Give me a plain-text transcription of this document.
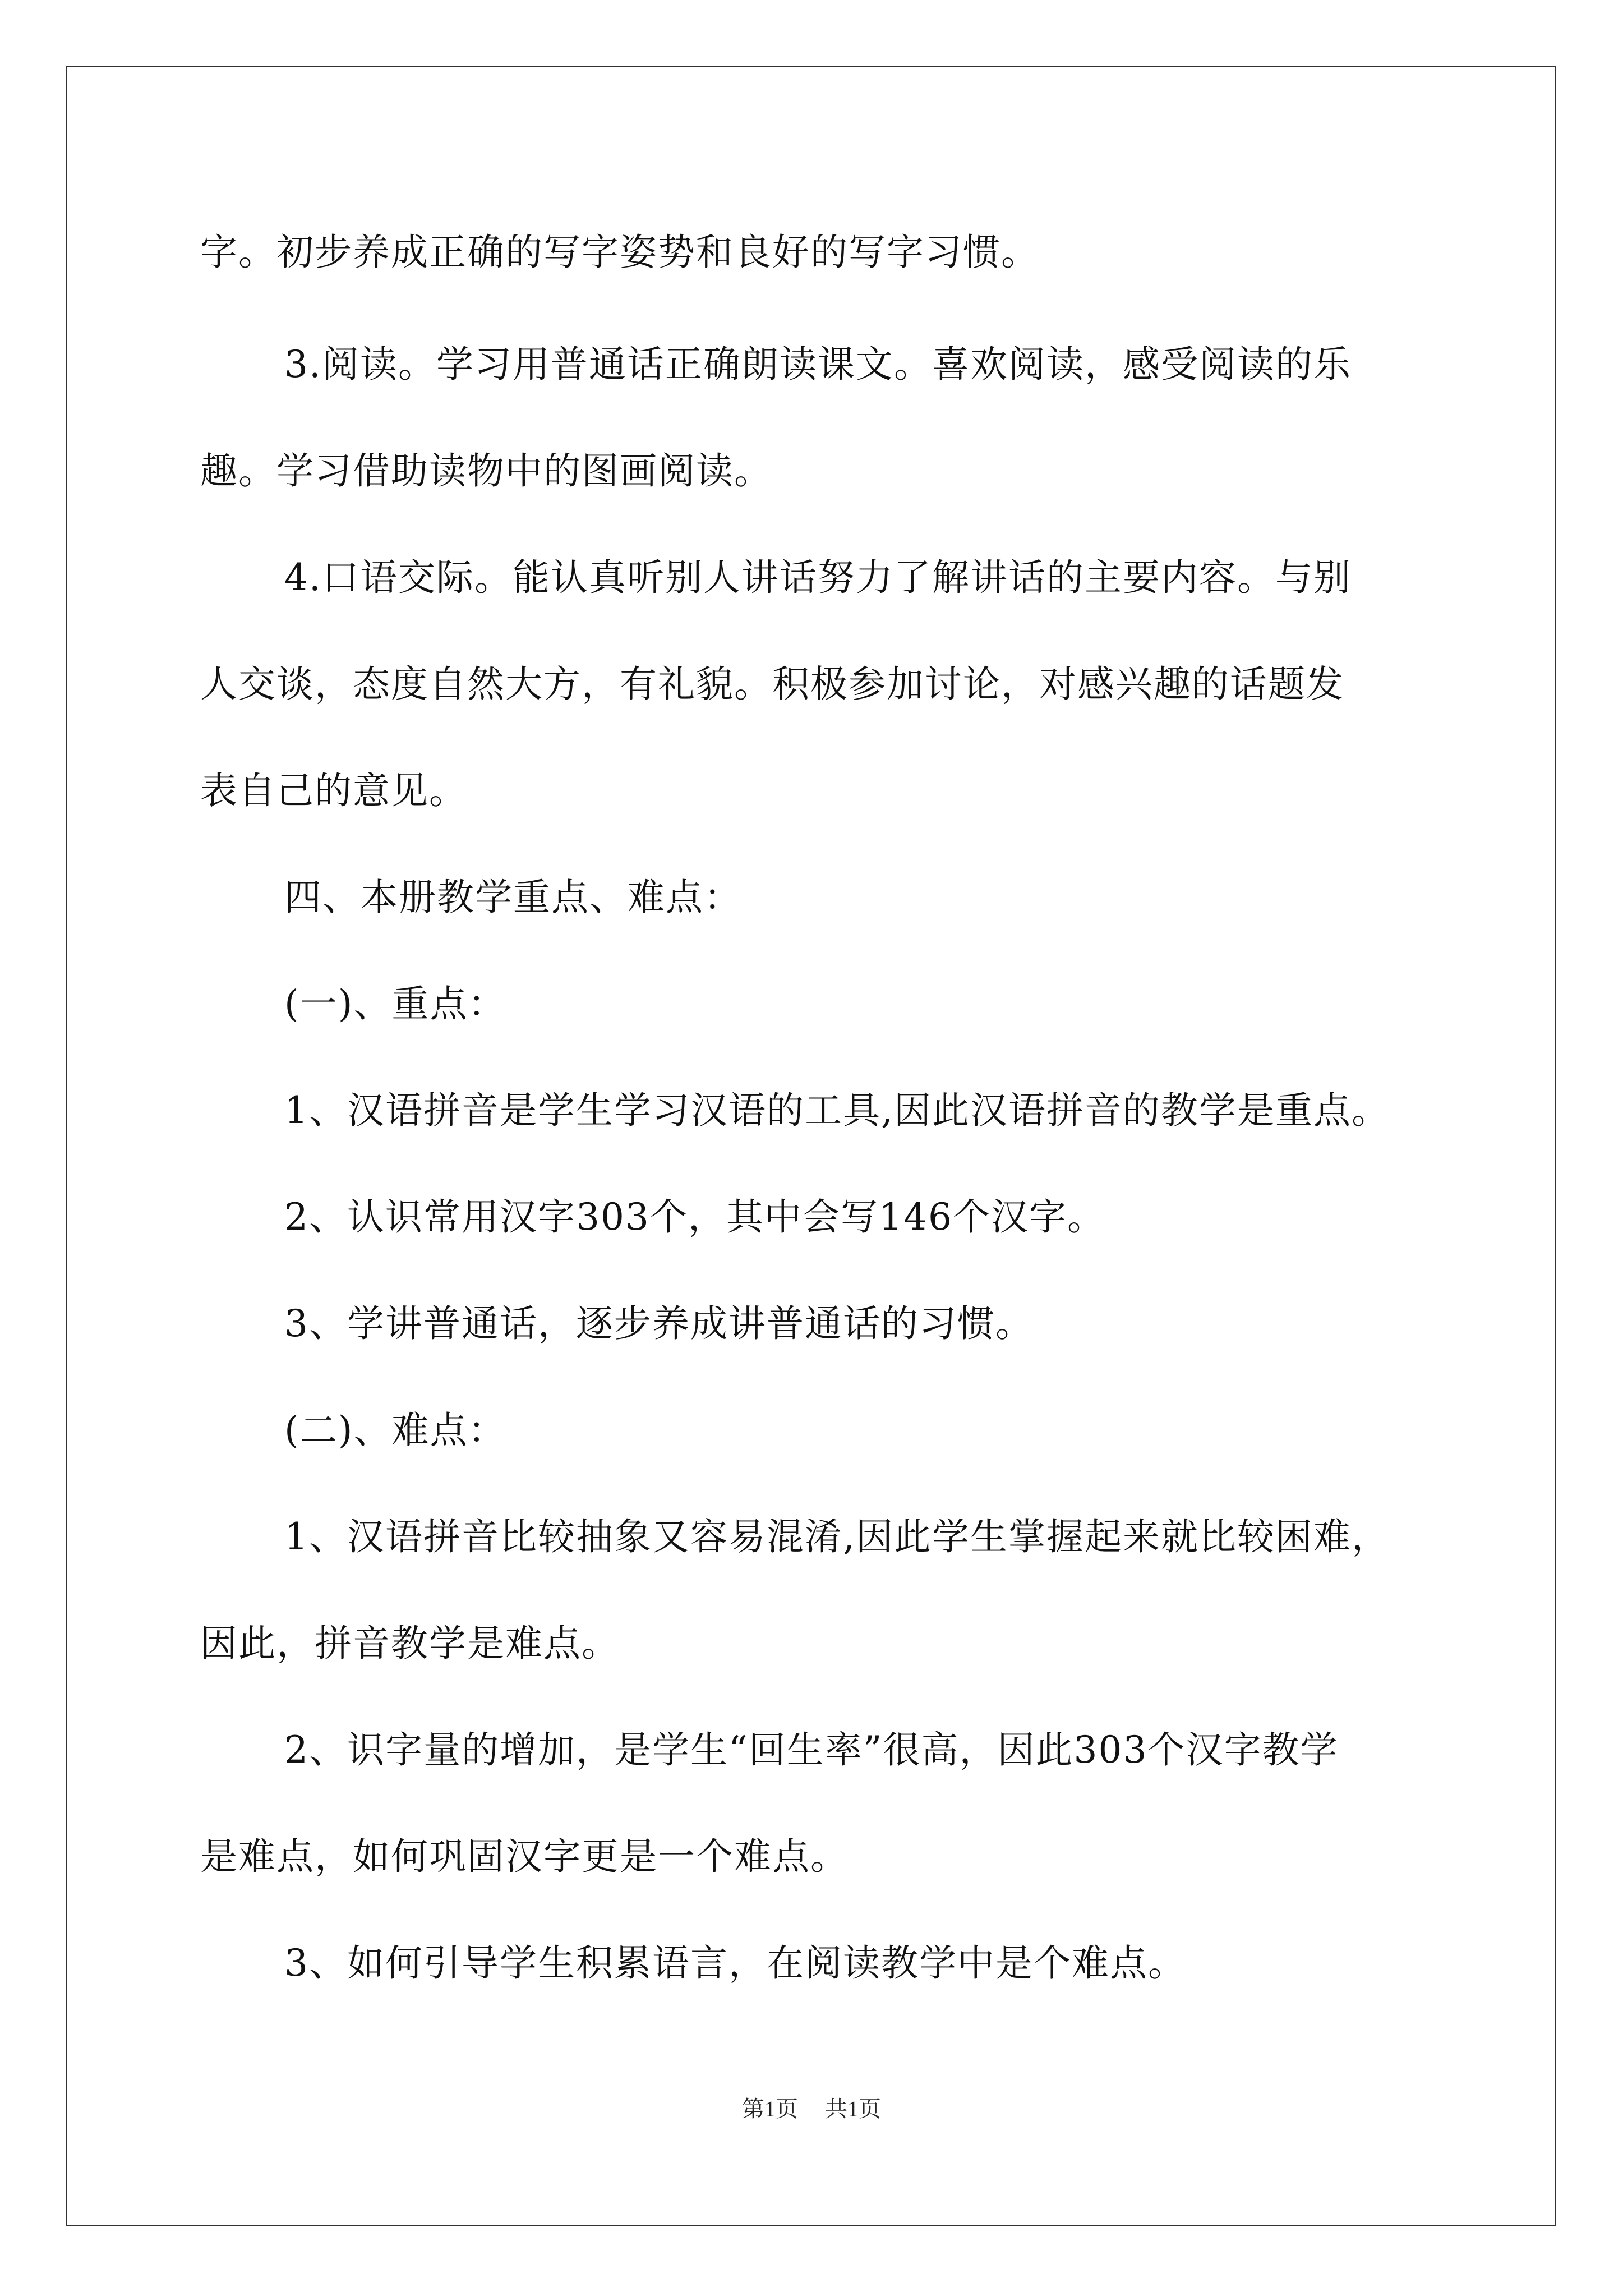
字。初步养成正确的写字姿势和良好的写字习惯。
3.阅读。学习用普通话正确朗读课文。喜欢阅读，感受阅读的乐
趣。学习借助读物中的图画阅读。
4.口语交际。能认真听别人讲话努力了解讲话的主要内容。与别
人交谈，态度自然大方，有礼貌。积极参加讨论，对感兴趣的话题发
表自己的意见。
四、本册教学重点、难点：
(一)、重点：
1、汉语拼音是学生学习汉语的工具,因此汉语拼音的教学是重点。
2、认识常用汉字303个，其中会写146个汉字。
3、学讲普通话，逐步养成讲普通话的习惯。
(二)、难点：
1、汉语拼音比较抽象又容易混淆,因此学生掌握起来就比较困难，
因此，拼音教学是难点。
2、识字量的增加，是学生“回生率”很高，因此303个汉字教学
是难点，如何巩固汉字更是一个难点。
3、如何引导学生积累语言，在阅读教学中是个难点。
第1页 共1页
